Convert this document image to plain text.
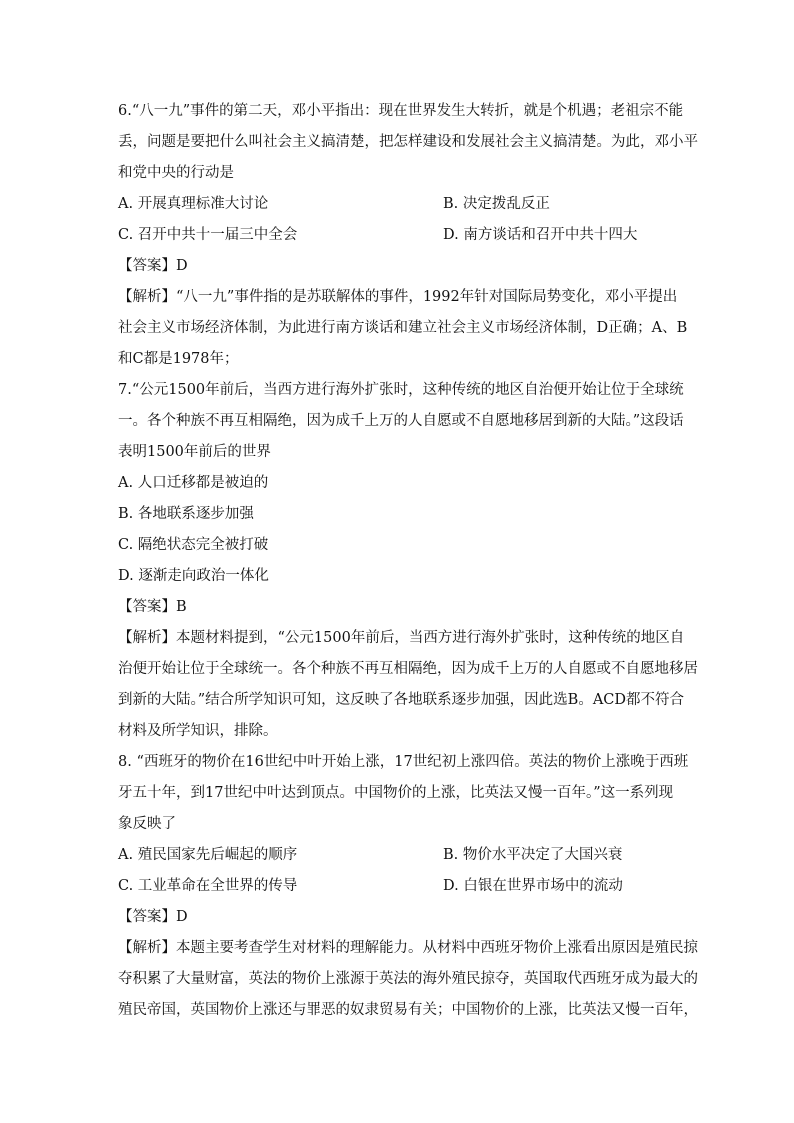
6.“八一九”事件的第二天，邓小平指出：现在世界发生大转折，就是个机遇；老祖宗不能
丢，问题是要把什么叫社会主义搞清楚，把怎样建设和发展社会主义搞清楚。为此，邓小平
和党中央的行动是
A. 开展真理标准大讨论	B. 决定拨乱反正
C. 召开中共十一届三中全会	D. 南方谈话和召开中共十四大
【答案】D
【解析】“八一九”事件指的是苏联解体的事件，1992年针对国际局势变化，邓小平提出
社会主义市场经济体制，为此进行南方谈话和建立社会主义市场经济体制，D正确；A、B
和C都是1978年；
7.“公元1500年前后，当西方进行海外扩张时，这种传统的地区自治便开始让位于全球统
一。各个种族不再互相隔绝，因为成千上万的人自愿或不自愿地移居到新的大陆。”这段话
表明1500年前后的世界
A. 人口迁移都是被迫的
B. 各地联系逐步加强
C. 隔绝状态完全被打破
D. 逐渐走向政治一体化
【答案】B
【解析】本题材料提到，“公元1500年前后，当西方进行海外扩张时，这种传统的地区自
治便开始让位于全球统一。各个种族不再互相隔绝，因为成千上万的人自愿或不自愿地移居
到新的大陆。”结合所学知识可知，这反映了各地联系逐步加强，因此选B。ACD都不符合
材料及所学知识，排除。
8. “西班牙的物价在16世纪中叶开始上涨，17世纪初上涨四倍。英法的物价上涨晚于西班
牙五十年，到17世纪中叶达到顶点。中国物价的上涨，比英法又慢一百年。”这一系列现
象反映了
A. 殖民国家先后崛起的顺序	B. 物价水平决定了大国兴衰
C. 工业革命在全世界的传导	D. 白银在世界市场中的流动
【答案】D
【解析】本题主要考查学生对材料的理解能力。从材料中西班牙物价上涨看出原因是殖民掠
夺积累了大量财富，英法的物价上涨源于英法的海外殖民掠夺，英国取代西班牙成为最大的
殖民帝国，英国物价上涨还与罪恶的奴隶贸易有关；中国物价的上涨，比英法又慢一百年，
